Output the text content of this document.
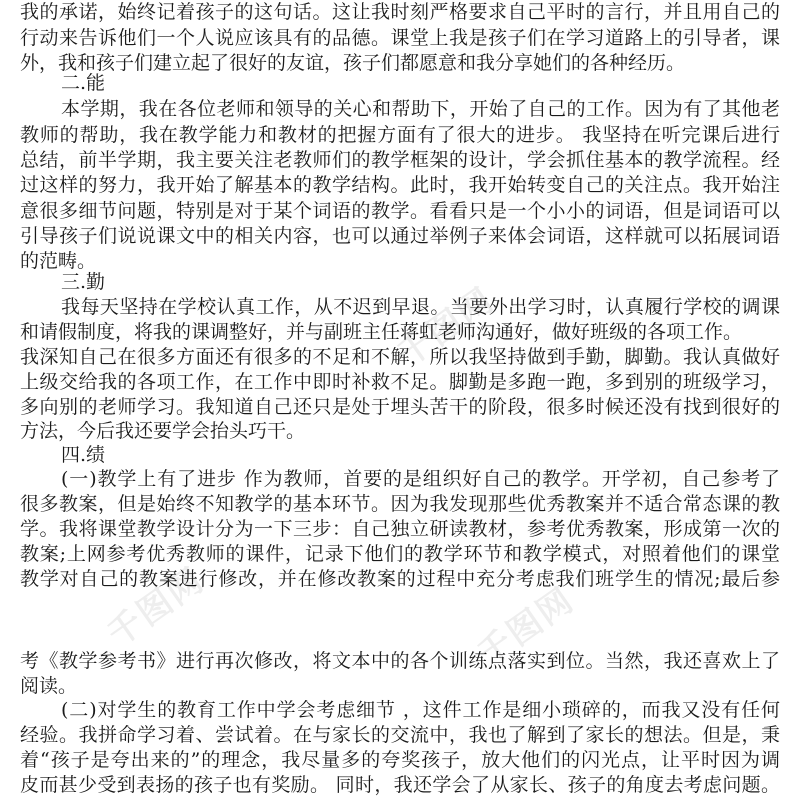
千图网
千图网	千图网
我的承诺，始终记着孩子的这句话。这让我时刻严格要求自己平时的言行，并且用自己的
行动来告诉他们一个人说应该具有的品德。课堂上我是孩子们在学习道路上的引导者，课
外，我和孩子们建立起了很好的友谊，孩子们都愿意和我分享她们的各种经历。
二.能
本学期，我在各位老师和领导的关心和帮助下，开始了自己的工作。因为有了其他老
教师的帮助，我在教学能力和教材的把握方面有了很大的进步。 我坚持在听完课后进行
总结，前半学期，我主要关注老教师们的教学框架的设计，学会抓住基本的教学流程。经
过这样的努力，我开始了解基本的教学结构。此时，我开始转变自己的关注点。我开始注
意很多细节问题，特别是对于某个词语的教学。看看只是一个小小的词语，但是词语可以
引导孩子们说说课文中的相关内容，也可以通过举例子来体会词语，这样就可以拓展词语
的范畴。
三.勤
我每天坚持在学校认真工作，从不迟到早退。当要外出学习时，认真履行学校的调课
和请假制度，将我的课调整好，并与副班主任蒋虹老师沟通好，做好班级的各项工作。
我深知自己在很多方面还有很多的不足和不解，所以我坚持做到手勤，脚勤。我认真做好
上级交给我的各项工作，在工作中即时补救不足。脚勤是多跑一跑，多到别的班级学习，
多向别的老师学习。我知道自己还只是处于埋头苦干的阶段，很多时候还没有找到很好的
方法，今后我还要学会抬头巧干。
四.绩
(一)教学上有了进步 作为教师，首要的是组织好自己的教学。开学初，自己参考了
很多教案，但是始终不知教学的基本环节。因为我发现那些优秀教案并不适合常态课的教
学。我将课堂教学设计分为一下三步：自己独立研读教材，参考优秀教案，形成第一次的
教案;上网参考优秀教师的课件，记录下他们的教学环节和教学模式，对照着他们的课堂
教学对自己的教案进行修改，并在修改教案的过程中充分考虑我们班学生的情况;最后参
考《教学参考书》进行再次修改，将文本中的各个训练点落实到位。当然，我还喜欢上了
阅读。
(二)对学生的教育工作中学会考虑细节 ，这件工作是细小琐碎的，而我又没有任何
经验。我拼命学习着、尝试着。在与家长的交流中，我也了解到了家长的想法。但是，秉
着“孩子是夸出来的”的理念，我尽量多的夸奖孩子，放大他们的闪光点，让平时因为调
皮而甚少受到表扬的孩子也有奖励。 同时，我还学会了从家长、孩子的角度去考虑问题。
